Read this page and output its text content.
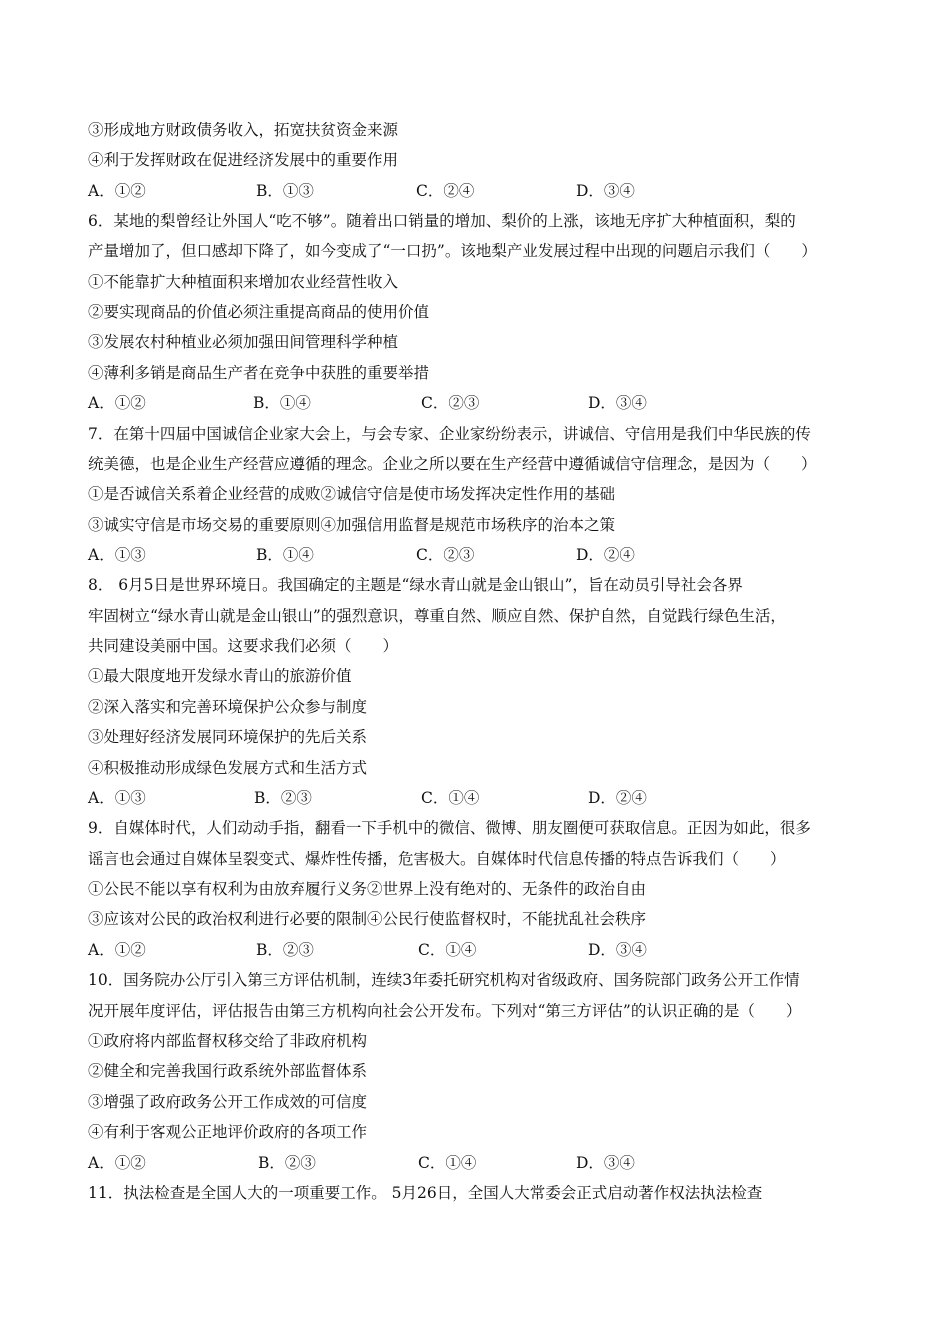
③形成地方财政债务收入，拓宽扶贫资金来源
④利于发挥财政在促进经济发展中的重要作用
A．①②	B．①③	C．②④	D．③④
6．某地的梨曾经让外国人“吃不够”。随着出口销量的增加、梨价的上涨，该地无序扩大种植面积，梨的
产量增加了，但口感却下降了，如今变成了“一口扔”。该地梨产业发展过程中出现的问题启示我们（　　）
①不能靠扩大种植面积来增加农业经营性收入
②要实现商品的价值必须注重提高商品的使用价值
③发展农村种植业必须加强田间管理科学种植
④薄利多销是商品生产者在竞争中获胜的重要举措
A．①②	B．①④	C．②③	D．③④
7．在第十四届中国诚信企业家大会上，与会专家、企业家纷纷表示，讲诚信、守信用是我们中华民族的传
统美德，也是企业生产经营应遵循的理念。企业之所以要在生产经营中遵循诚信守信理念，是因为（　　）
①是否诚信关系着企业经营的成败②诚信守信是使市场发挥决定性作用的基础
③诚实守信是市场交易的重要原则④加强信用监督是规范市场秩序的治本之策
A．①③	B．①④	C．②③	D．②④
8． 6月5日是世界环境日。我国确定的主题是“绿水青山就是金山银山”，旨在动员引导社会各界
牢固树立“绿水青山就是金山银山”的强烈意识，尊重自然、顺应自然、保护自然，自觉践行绿色生活，
共同建设美丽中国。这要求我们必须（　　）
①最大限度地开发绿水青山的旅游价值
②深入落实和完善环境保护公众参与制度
③处理好经济发展同环境保护的先后关系
④积极推动形成绿色发展方式和生活方式
A．①③	B．②③	C．①④	D．②④
9．自媒体时代，人们动动手指，翻看一下手机中的微信、微博、朋友圈便可获取信息。正因为如此，很多
谣言也会通过自媒体呈裂变式、爆炸性传播，危害极大。自媒体时代信息传播的特点告诉我们（　　）
①公民不能以享有权利为由放弃履行义务②世界上没有绝对的、无条件的政治自由
③应该对公民的政治权利进行必要的限制④公民行使监督权时，不能扰乱社会秩序
A．①②	B．②③	C．①④	D．③④
10．国务院办公厅引入第三方评估机制，连续3年委托研究机构对省级政府、国务院部门政务公开工作情
况开展年度评估，评估报告由第三方机构向社会公开发布。下列对“第三方评估”的认识正确的是（　　）
①政府将内部监督权移交给了非政府机构
②健全和完善我国行政系统外部监督体系
③增强了政府政务公开工作成效的可信度
④有利于客观公正地评价政府的各项工作
A．①②	B．②③	C．①④	D．③④
11．执法检查是全国人大的一项重要工作。 5月26日，全国人大常委会正式启动著作权法执法检查
